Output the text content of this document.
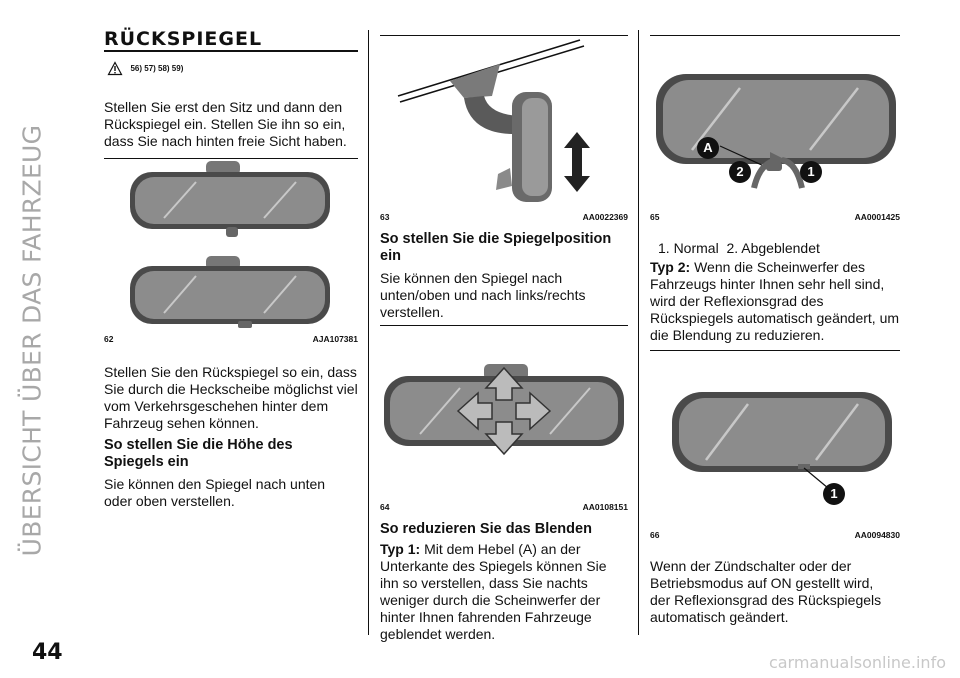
ÜBERSICHT ÜBER DAS FAHRZEUG
44
RÜCKSPIEGEL
56) 57) 58) 59)
Stellen Sie erst den Sitz und dann den Rückspiegel ein. Stellen Sie ihn so ein, dass Sie nach hinten freie Sicht haben.
62	AJA107381
Stellen Sie den Rückspiegel so ein, dass Sie durch die Heckscheibe möglichst viel vom Verkehrsgeschehen hinter dem Fahrzeug sehen können.
So stellen Sie die Höhe des Spiegels ein
Sie können den Spiegel nach unten oder oben verstellen.
63	AA0022369
So stellen Sie die Spiegelposition ein
Sie können den Spiegel nach unten/oben und nach links/rechts verstellen.
64	AA0108151
So reduzieren Sie das Blenden
Typ 1: Mit dem Hebel (A) an der Unterkante des Spiegels können Sie ihn so verstellen, dass Sie nachts weniger durch die Scheinwerfer der hinter Ihnen fahrenden Fahrzeuge geblendet werden.
A
2	1
65	AA0001425
1. Normal  2. Abgeblendet
Typ 2: Wenn die Scheinwerfer des Fahrzeugs hinter Ihnen sehr hell sind, wird der Reflexionsgrad des Rückspiegels automatisch geändert, um die Blendung zu reduzieren.
1
66	AA0094830
Wenn der Zündschalter oder der Betriebsmodus auf ON gestellt wird, der Reflexionsgrad des Rückspiegels automatisch geändert.
carmanualsonline.info
